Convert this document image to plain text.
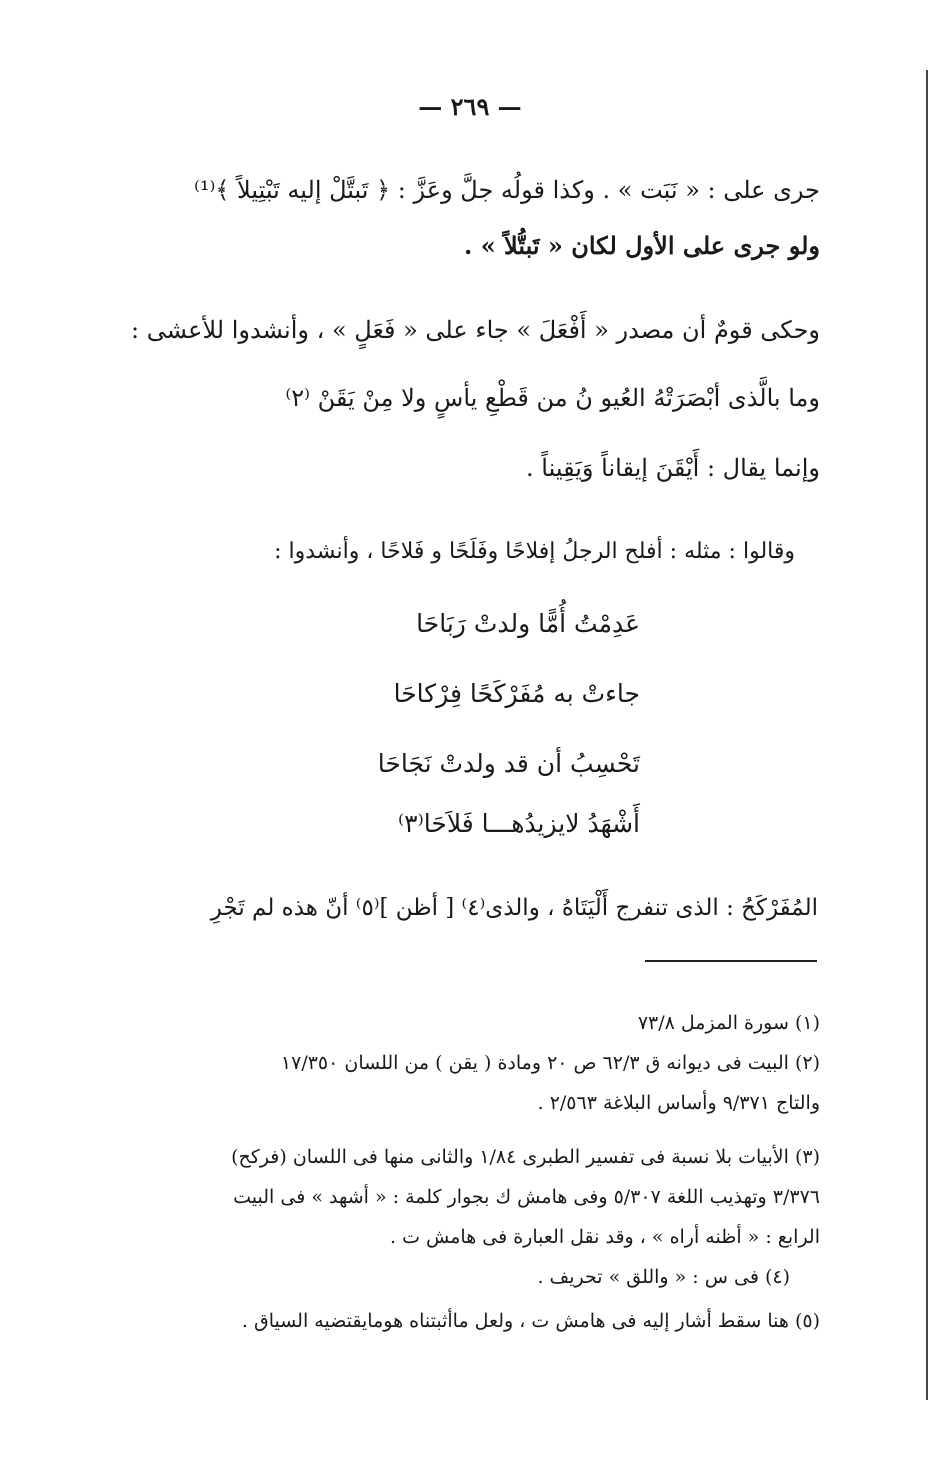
— ٢٦٩ —
جرى على : « نَبَت » . وكذا قولُه جلَّ وعَزَّ : ﴿ تَبتَّلْ إليه تَبْتِيلاً ﴾⁽¹⁾
ولو جرى على الأول لكان « تَبتُّلاً » .
وحكى قومٌ أن مصدر « أَفْعَلَ » جاء على « فَعَلٍ » ، وأنشدوا للأعشى :
وما بالَّذى أبْصَرَتْهُ العُيو نُ من قَطْعِ يأسٍ ولا مِنْ يَقَنْ ⁽٢⁾
وإنما يقال : أَيْقَنَ إيقاناً وَيَقِيناً .
وقالوا : مثله : أفلح الرجلُ إفلاحًا وفَلَحًا و فَلاحًا ، وأنشدوا :
عَدِمْتُ أُمًّا ولدتْ رَبَاحَا
جاءتْ به مُفَرْكَحًا فِرْكاحَا
تَحْسِبُ أن قد ولدتْ نَجَاحَا
أَشْهَدُ لايزيدُهـــا فَلاَحَا⁽٣⁾
المُفَرْكَحُ : الذى تنفرج أَلْيَتَاهُ ، والذى⁽٤⁾ [ أظن ]⁽٥⁾ أنّ هذه لم تَجْرِ
(١) سورة المزمل ٧٣/٨
(٢) البيت فى ديوانه ق ٦٢/٣ ص ٢٠ ومادة ( يقن ) من اللسان ١٧/٣٥٠
والتاج ٩/٣٧١ وأساس البلاغة ٢/٥٦٣ .
(٣) الأبيات بلا نسبة فى تفسير الطبرى ١/٨٤ والثانى منها فى اللسان (فركح)
٣/٣٧٦ وتهذيب اللغة ٥/٣٠٧ وفى هامش ك بجوار كلمة : « أشهد » فى البيت
الرابع : « أظنه أراه » ، وقد نقل العبارة فى هامش ت .
(٤) فى س : « واللق » تحريف .
(٥) هنا سقط أشار إليه فى هامش ت ، ولعل ماأثبتناه هومايقتضيه السياق .
